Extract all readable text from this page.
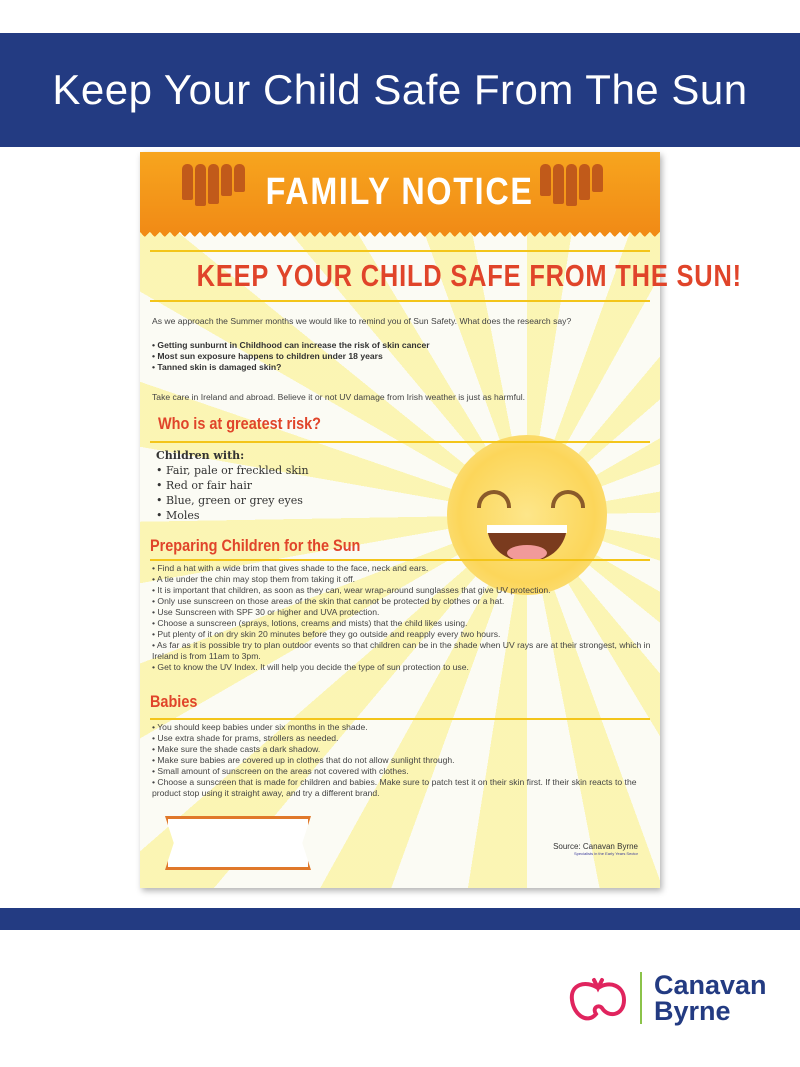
Keep Your Child Safe From The Sun
FAMILY NOTICE
KEEP YOUR CHILD SAFE FROM THE SUN!
As we approach the Summer months we would like to remind you of Sun Safety. What does the research say?
• Getting sunburnt in Childhood can increase the risk of skin cancer
• Most sun exposure happens to children under 18 years
• Tanned skin is damaged skin?
Take care in Ireland and abroad. Believe it or not UV damage from Irish weather is just as harmful.
Who is at greatest risk?
Children with:
• Fair, pale or freckled skin
• Red or fair hair
• Blue, green or grey eyes
• Moles
Preparing Children for the Sun
• Find a hat with a wide brim that gives shade to the face, neck and ears.
• A tie under the chin may stop them from taking it off.
• It is important that children, as soon as they can, wear wrap-around sunglasses that give UV protection.
• Only use sunscreen on those areas of the skin that cannot be protected by clothes or a hat.
• Use Sunscreen with SPF 30 or higher and UVA protection.
• Choose a sunscreen (sprays, lotions, creams and mists) that the child likes using.
• Put plenty of it on dry skin 20 minutes before they go outside and reapply every two hours.
• As far as it is possible try to plan outdoor events so that children can be in the shade when UV rays are at their strongest, which in Ireland is from 11am to 3pm.
• Get to know the UV Index. It will help you decide the type of sun protection to use.
Babies
• You should keep babies under six months in the shade.
• Use extra shade for prams, strollers as needed.
• Make sure the shade casts a dark shadow.
• Make sure babies are covered up in clothes that do not allow sunlight through.
• Small amount of sunscreen on the areas not covered with clothes.
• Choose a sunscreen that is made for children and babies. Make sure to patch test it on their skin first. If their skin reacts to the product stop using it straight away, and try a different brand.
Source: Canavan Byrne
Specialists in the Early Years Sector
Canavan
Byrne
